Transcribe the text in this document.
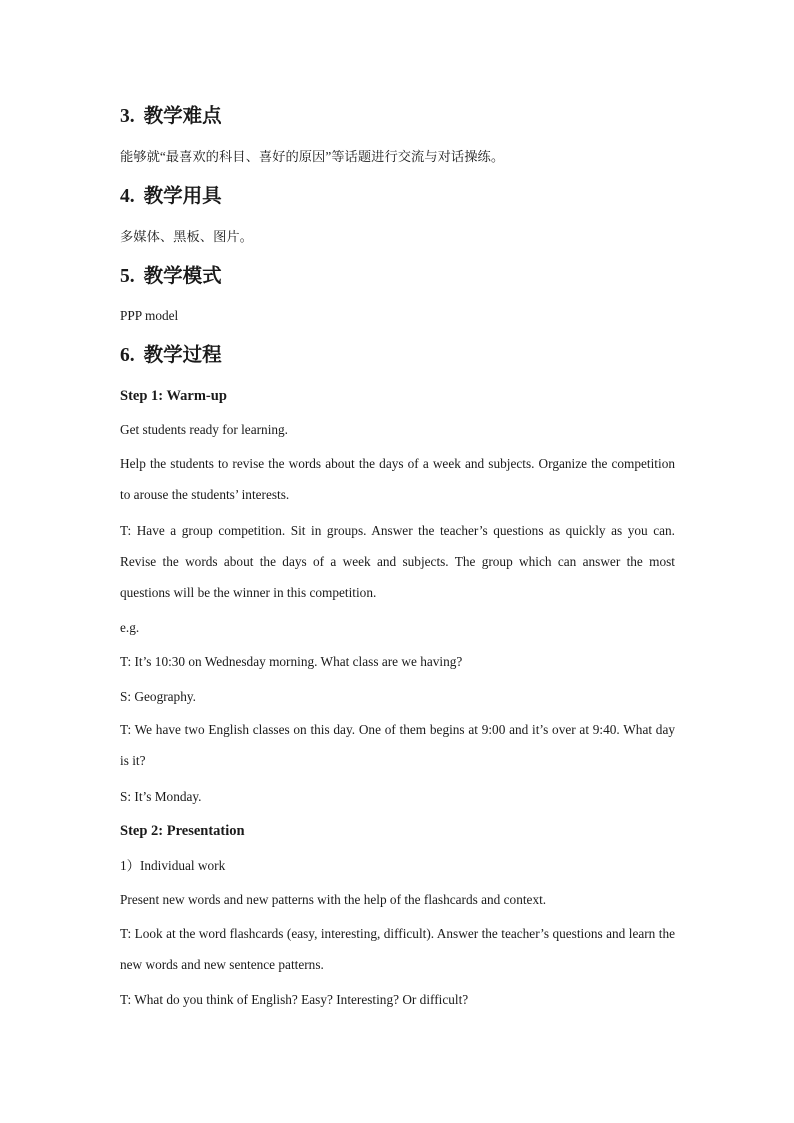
3. 教学难点

能够就“最喜欢的科目、喜好的原因”等话题进行交流与对话操练。

4. 教学用具

多媒体、黑板、图片。

5. 教学模式

PPP model

6. 教学过程
Step 1: Warm-up

Get students ready for learning.

Help the students to revise the words about the days of a week and subjects. Organize the competition to arouse the students’ interests.

T: Have a group competition. Sit in groups. Answer the teacher’s questions as quickly as you can. Revise the words about the days of a week and subjects. The group which can answer the most questions will be the winner in this competition.

e.g.

T: It’s 10:30 on Wednesday morning. What class are we having?

S: Geography.

T: We have two English classes on this day. One of them begins at 9:00 and it’s over at 9:40. What day is it?

S: It’s Monday.

Step 2: Presentation

1）Individual work

Present new words and new patterns with the help of the flashcards and context.

T: Look at the word flashcards (easy, interesting, difficult). Answer the teacher’s questions and learn the new words and new sentence patterns.

T: What do you think of English? Easy? Interesting? Or difficult?
